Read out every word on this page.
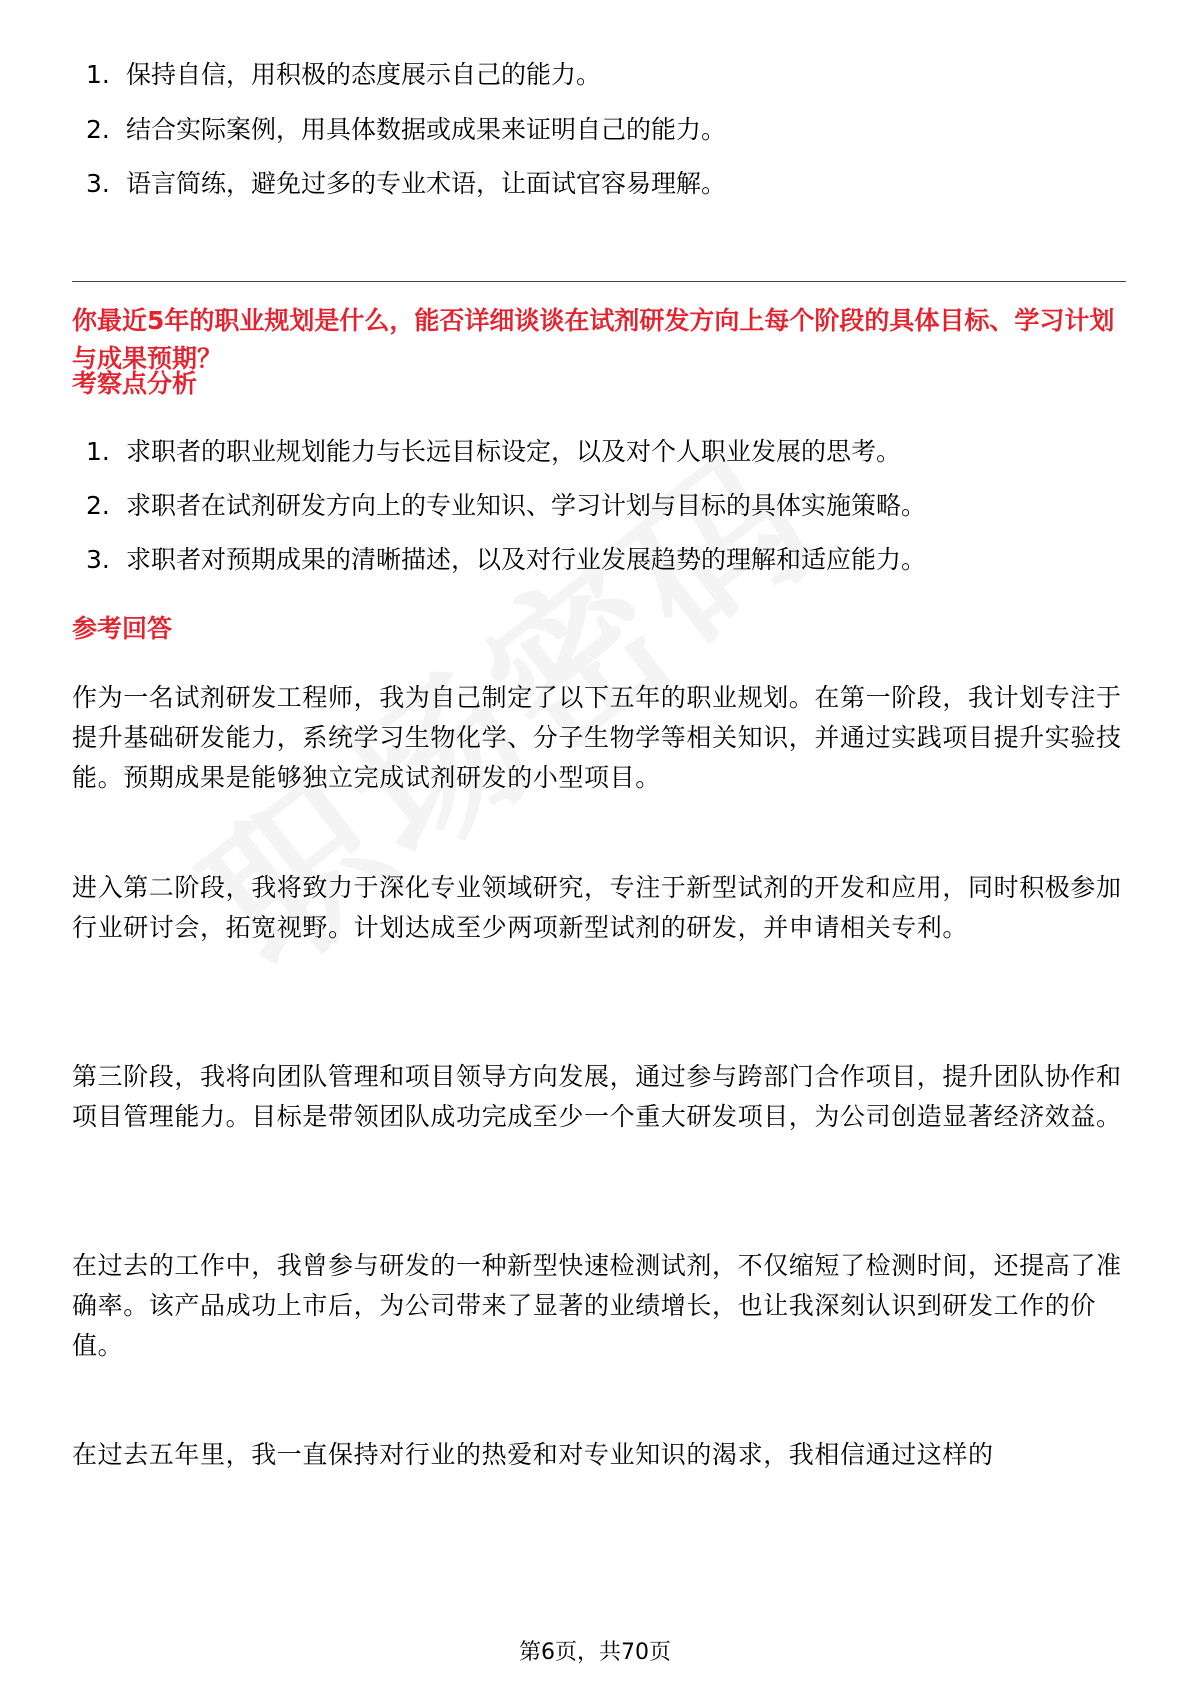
1. 保持自信，用积极的态度展示自己的能力。
2. 结合实际案例，用具体数据或成果来证明自己的能力。
3. 语言简练，避免过多的专业术语，让面试官容易理解。
你最近5年的职业规划是什么，能否详细谈谈在试剂研发方向上每个阶段的具体目标、学习计划与成果预期？
考察点分析
1. 求职者的职业规划能力与长远目标设定，以及对个人职业发展的思考。
2. 求职者在试剂研发方向上的专业知识、学习计划与目标的具体实施策略。
3. 求职者对预期成果的清晰描述，以及对行业发展趋势的理解和适应能力。
参考回答

作为一名试剂研发工程师，我为自己制定了以下五年的职业规划。在第一阶段，我计划专注于提升基础研发能力，系统学习生物化学、分子生物学等相关知识，并通过实践项目提升实验技能。预期成果是能够独立完成试剂研发的小型项目。

进入第二阶段，我将致力于深化专业领域研究，专注于新型试剂的开发和应用，同时积极参加行业研讨会，拓宽视野。计划达成至少两项新型试剂的研发，并申请相关专利。

第三阶段，我将向团队管理和项目领导方向发展，通过参与跨部门合作项目，提升团队协作和项目管理能力。目标是带领团队成功完成至少一个重大研发项目，为公司创造显著经济效益。

在过去的工作中，我曾参与研发的一种新型快速检测试剂，不仅缩短了检测时间，还提高了准确率。该产品成功上市后，为公司带来了显著的业绩增长，也让我深刻认识到研发工作的价值。

在过去五年里，我一直保持对行业的热爱和对专业知识的渴求，我相信通过这样的

第6页，共70页
